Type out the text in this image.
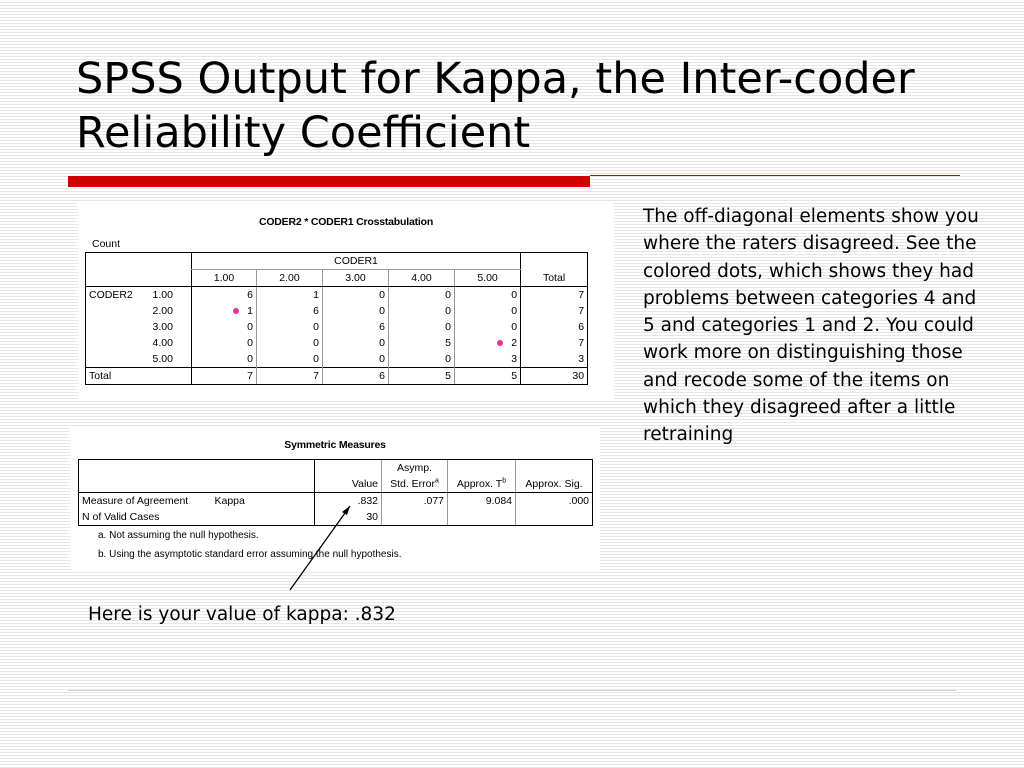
SPSS Output for Kappa, the Inter-coder Reliability Coefficient
CODER2 * CODER1 Crosstabulation
Count
		CODER1					
		1.00	2.00	3.00	4.00	5.00	Total
CODER2	1.00	6	1	0	0	0	7
	2.00	1	6	0	0	0	7
	3.00	0	0	6	0	0	6
	4.00	0	0	0	5	2	7
	5.00	0	0	0	0	3	3
Total		7	7	6	5	5	30
Symmetric Measures
			Asymp.		
		Value	Std. Error$^a$	Approx. T$^b$	Approx. Sig.
Measure of Agreement	Kappa	.832	.077	9.084	.000
N of Valid Cases		30			
a. Not assuming the null hypothesis.
b. Using the asymptotic standard error assuming the null hypothesis.
The off-diagonal elements show you where the raters disagreed. See the colored dots, which shows they had problems between categories 4 and 5 and categories 1 and 2. You could work more on distinguishing those and recode some of the items on which they disagreed after a little retraining
Here is your value of kappa: .832
